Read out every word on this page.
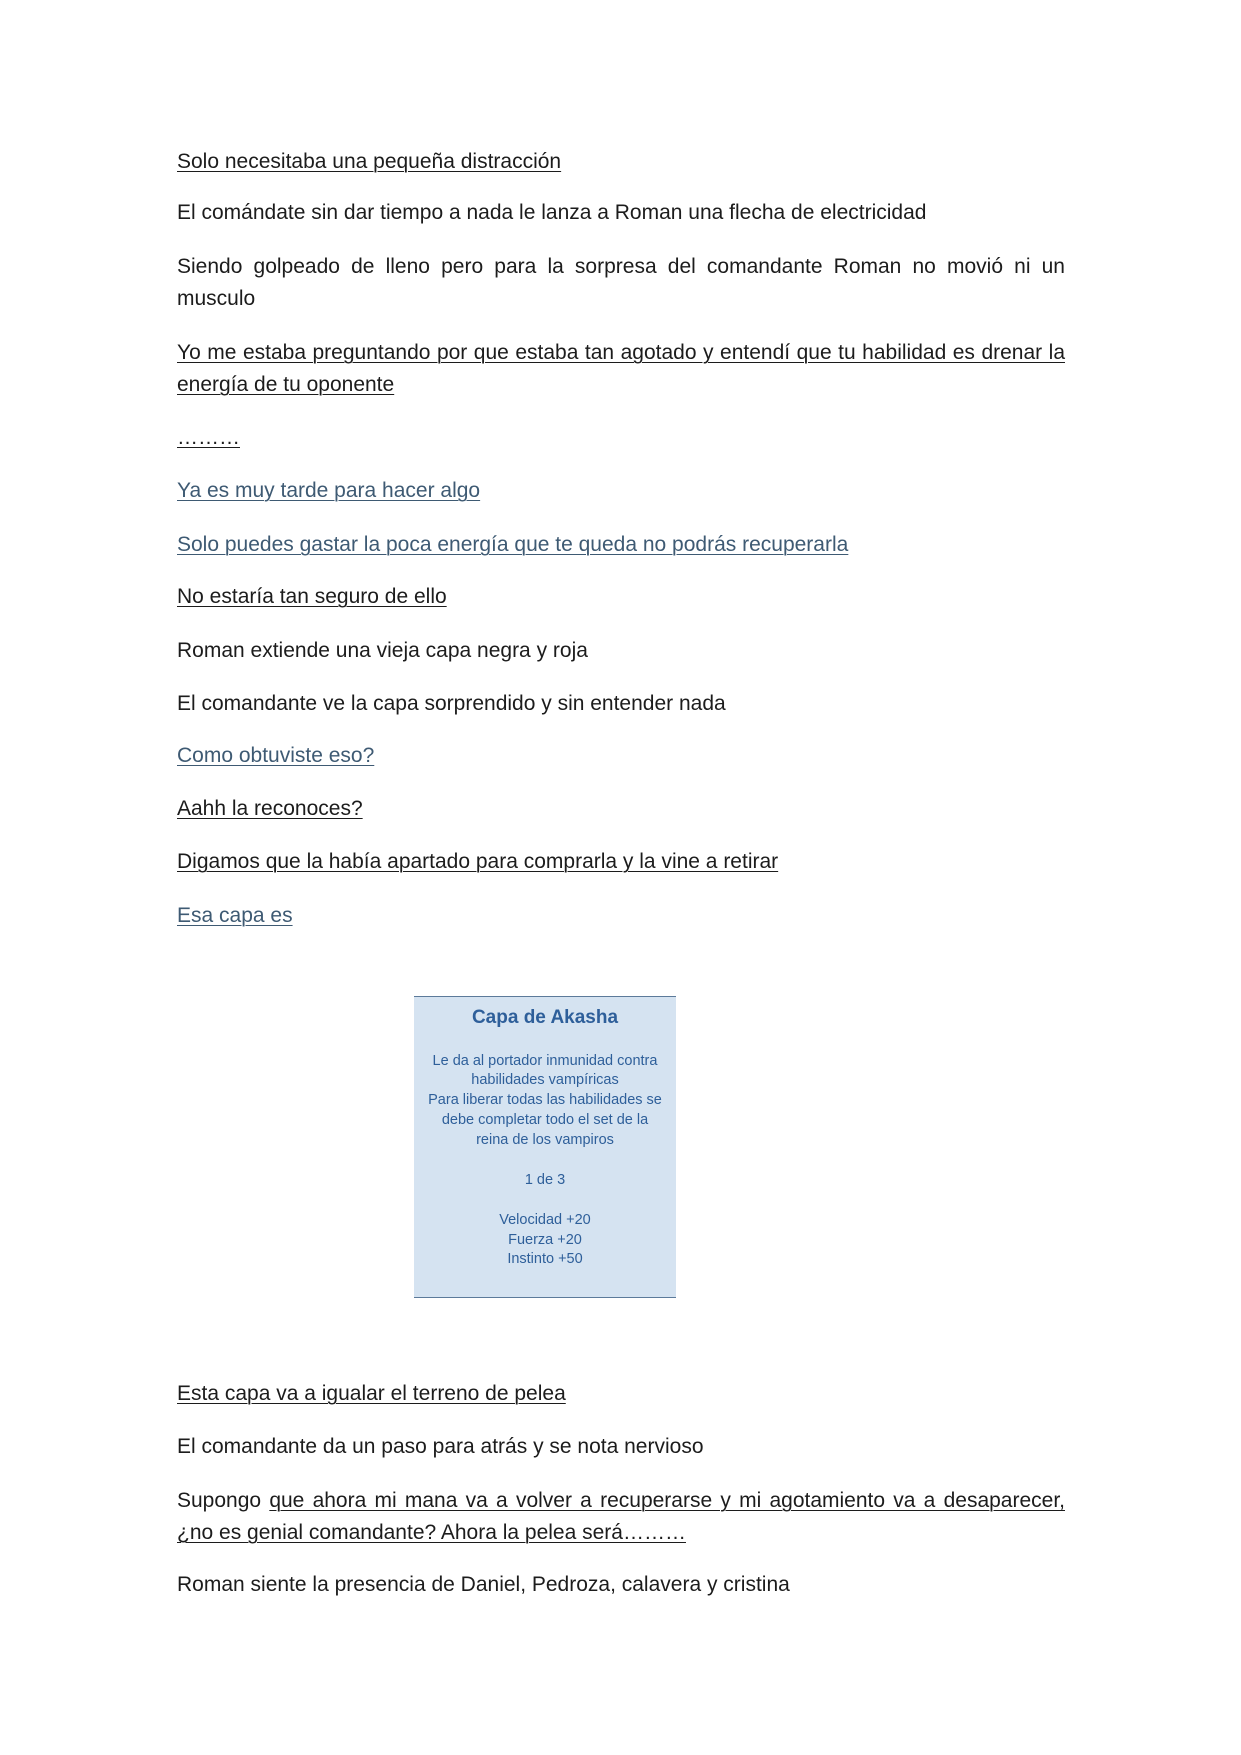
Solo necesitaba una pequeña distracción

El comándate sin dar tiempo a nada le lanza a Roman una flecha de electricidad

Siendo golpeado de lleno pero para la sorpresa del comandante Roman no movió ni un musculo

Yo me estaba preguntando por que estaba tan agotado y entendí que tu habilidad es drenar la energía de tu oponente

………

Ya es muy tarde para hacer algo

Solo puedes gastar la poca energía que te queda no podrás recuperarla

No estaría tan seguro de ello

Roman extiende una vieja capa negra y roja

El comandante ve la capa sorprendido y sin entender nada

Como obtuviste eso?

Aahh la reconoces?

Digamos que la había apartado para comprarla y la vine a retirar

Esa capa es

Capa de Akasha
Le da al portador inmunidad contra
habilidades vampíricas
Para liberar todas las habilidades se
debe completar todo el set de la
reina de los vampiros
1 de 3
Velocidad +20
Fuerza +20
Instinto +50

Esta capa va a igualar el terreno de pelea

El comandante da un paso para atrás y se nota nervioso

Supongo que ahora mi mana va a volver a recuperarse y mi agotamiento va a desaparecer, ¿no es genial comandante? Ahora la pelea será………

Roman siente la presencia de Daniel, Pedroza, calavera y cristina
